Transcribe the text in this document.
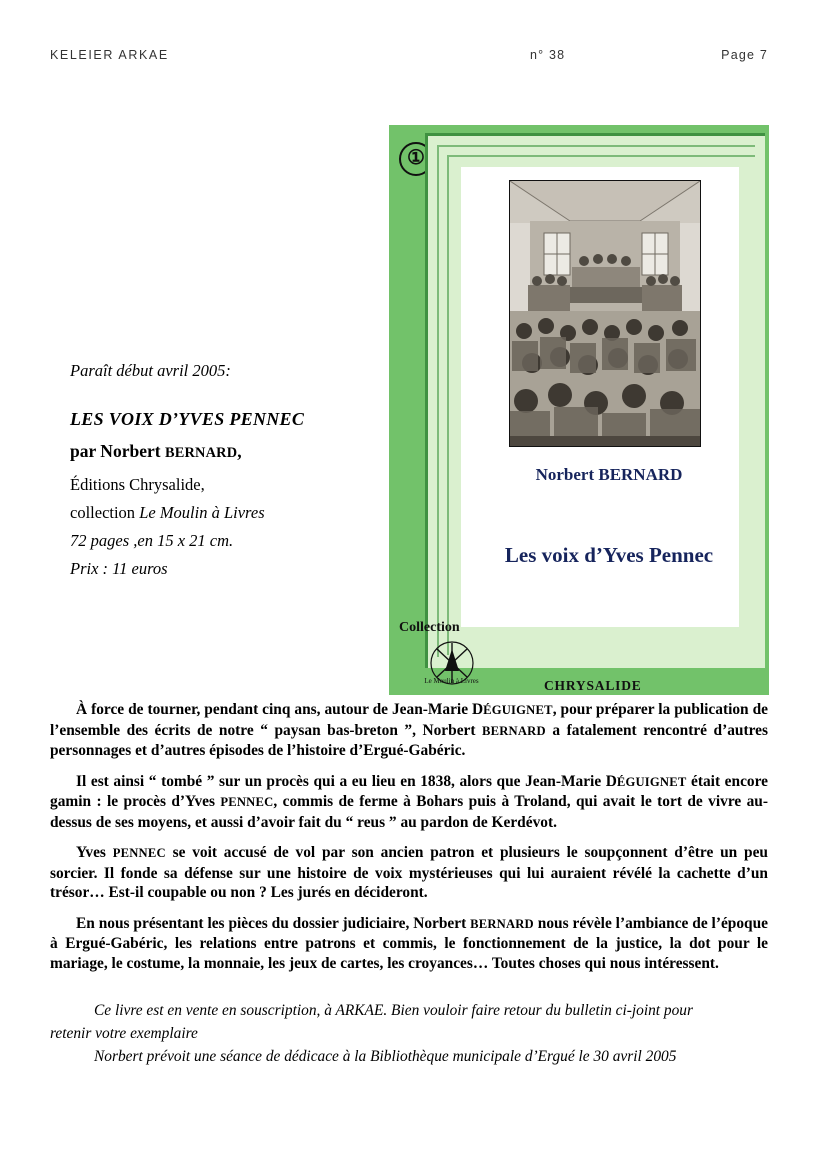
KELEIER ARKAE	n° 38	Page 7
①
Norbert BERNARD
Les voix d’Yves Pennec
Collection
Le Moulin à Livres	CHRYSALIDE
Paraît début avril 2005:
LES VOIX D’YVES PENNEC
par Norbert BERNARD,
Éditions Chrysalide,
collection Le Moulin à Livres
72 pages ,en 15 x 21 cm.
Prix : 11 euros

À force de tourner, pendant cinq ans, autour de Jean-Marie DÉGUIGNET, pour préparer la publication de l’ensemble des écrits de notre “ paysan bas-breton ”, Norbert BERNARD a fatalement rencontré d’autres personnages et d’autres épisodes de l’histoire d’Ergué-Gabéric.

Il est ainsi “ tombé ” sur un procès qui a eu lieu en 1838, alors que Jean-Marie DÉGUIGNET était encore gamin : le procès d’Yves PENNEC, commis de ferme à Bohars puis à Troland, qui avait le tort de vivre au-dessus de ses moyens, et aussi d’avoir fait du “ reus ” au pardon de Kerdévot.

Yves PENNEC se voit accusé de vol par son ancien patron et plusieurs le soupçonnent d’être un peu sorcier. Il fonde sa défense sur une histoire de voix mystérieuses qui lui auraient révélé la cachette d’un trésor… Est-il coupable ou non ? Les jurés en décideront.

En nous présentant les pièces du dossier judiciaire, Norbert BERNARD nous révèle l’ambiance de l’époque à Ergué-Gabéric, les relations entre patrons et commis, le fonctionnement de la justice, la dot pour le mariage, le costume, la monnaie, les jeux de cartes, les croyances… Toutes choses qui nous intéressent.

Ce livre est en vente en souscription, à ARKAE. Bien vouloir faire retour du bulletin ci-joint pour

retenir votre exemplaire

Norbert prévoit une séance de dédicace à la Bibliothèque municipale d’Ergué le 30 avril 2005
